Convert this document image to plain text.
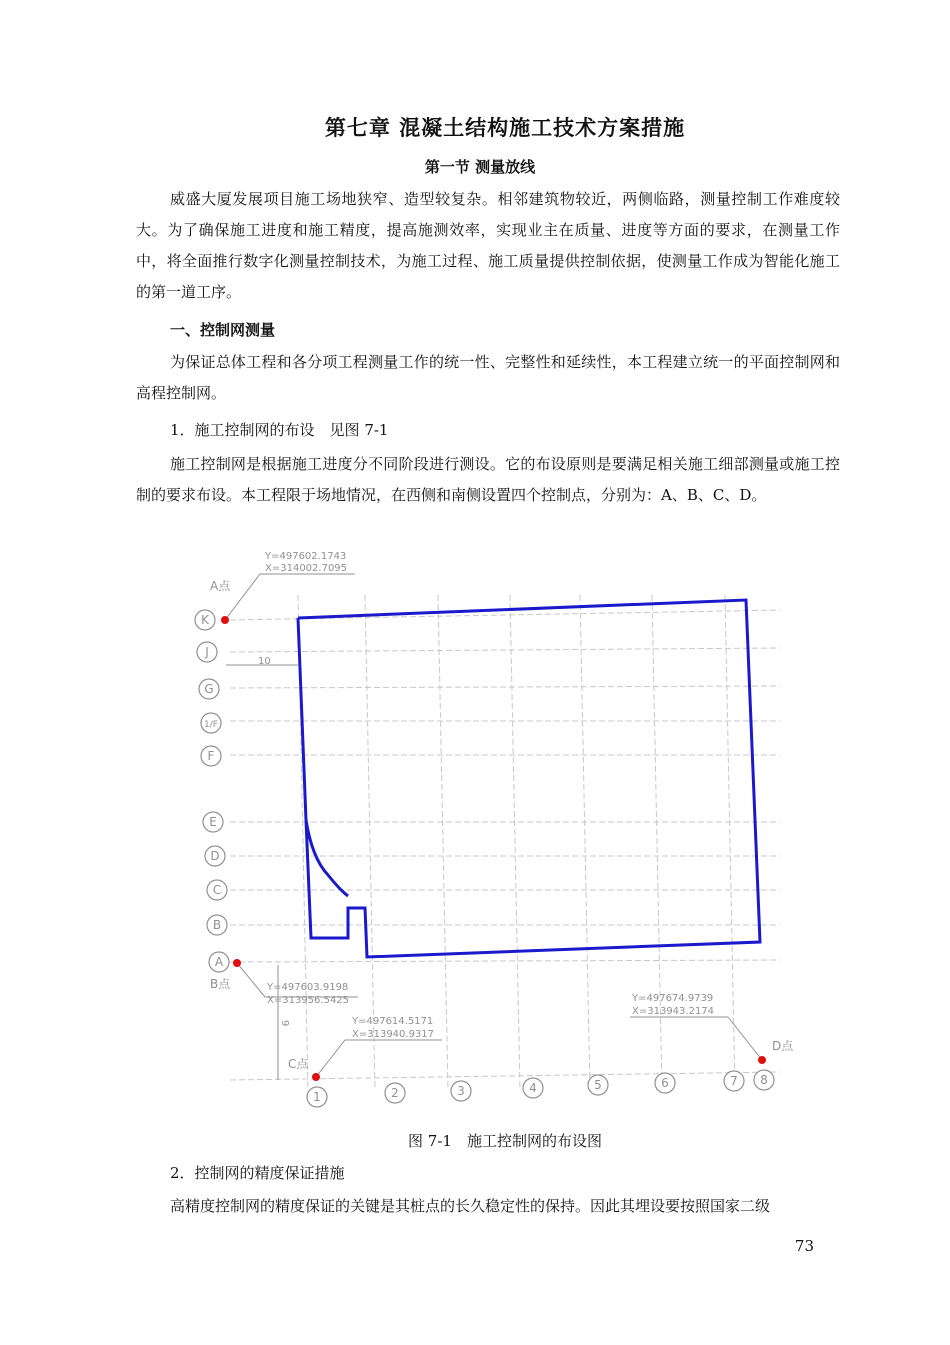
第七章 混凝土结构施工技术方案措施
第一节 测量放线

威盛大厦发展项目施工场地狭窄、造型较复杂。相邻建筑物较近，两侧临路，测量控制工作难度较大。为了确保施工进度和施工精度，提高施测效率，实现业主在质量、进度等方面的要求，在测量工作中，将全面推行数字化测量控制技术，为施工过程、施工质量提供控制依据，使测量工作成为智能化施工的第一道工序。

一、控制网测量

为保证总体工程和各分项工程测量工作的统一性、完整性和延续性，本工程建立统一的平面控制网和高程控制网。

1．施工控制网的布设　见图 7-1

施工控制网是根据施工进度分不同阶段进行测设。它的布设原则是要满足相关施工细部测量或施工控制的要求布设。本工程限于场地情况，在西侧和南侧设置四个控制点，分别为：A、B、C、D。

10
9
K
J
G
1/F
F
E
D
C
B
A
1	2	3	4	5	6	7 8
Y=497602.1743
X=314002.7095
A点
Y=497603.9198
X=313956.5425
B点
Y=497614.5171
X=313940.9317
C点
Y=497674.9739
X=313943.2174
D点
图 7-1　施工控制网的布设图

2．控制网的精度保证措施

高精度控制网的精度保证的关键是其桩点的长久稳定性的保持。因此其埋设要按照国家二级

73
